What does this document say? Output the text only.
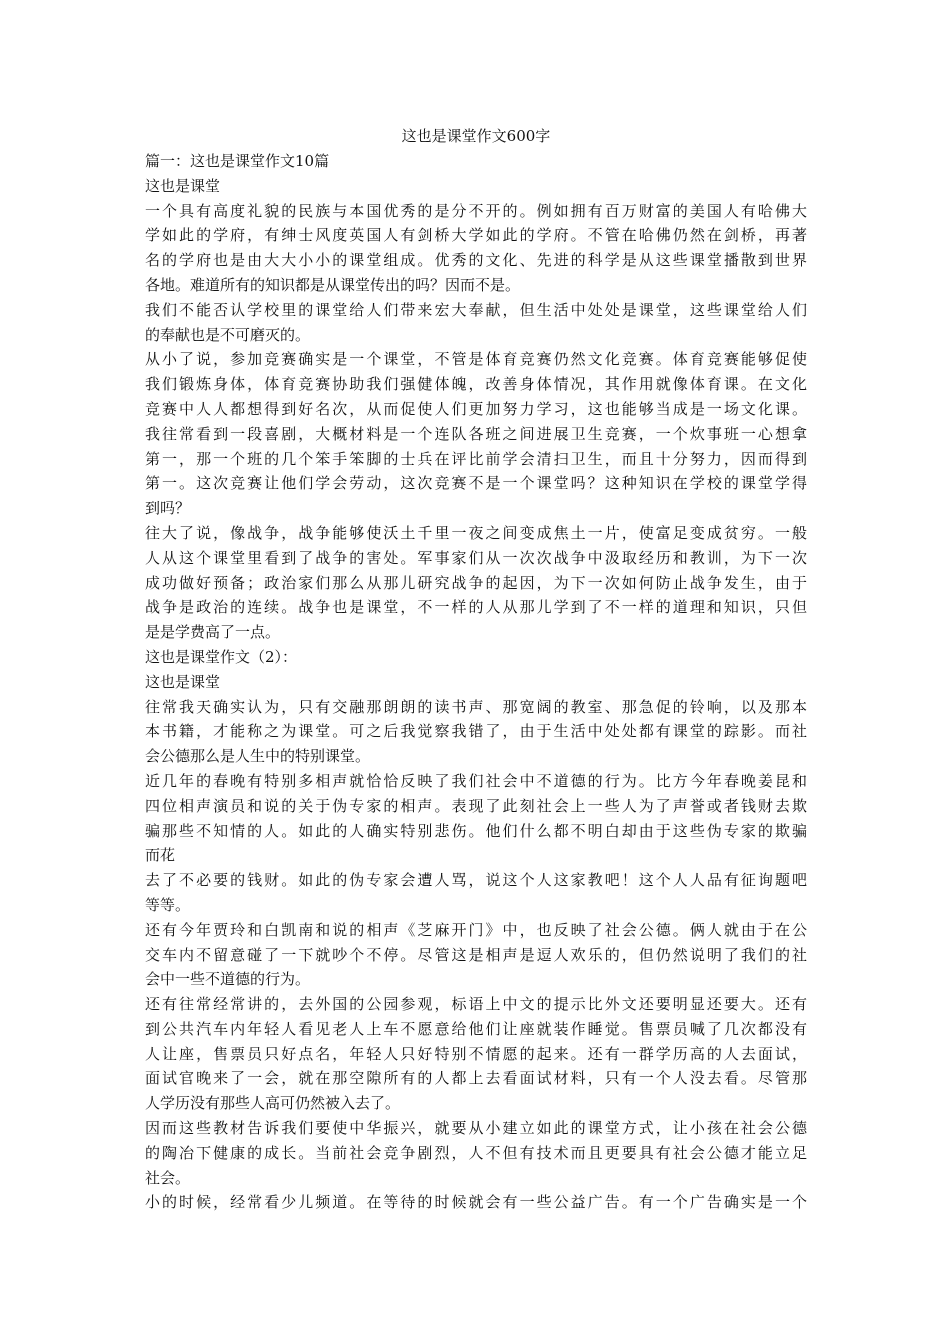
这也是课堂作文600字
篇一：这也是课堂作文10篇
这也是课堂
一个具有高度礼貌的民族与本国优秀的是分不开的。例如拥有百万财富的美国人有哈佛大
学如此的学府，有绅士风度英国人有剑桥大学如此的学府。不管在哈佛仍然在剑桥，再著
名的学府也是由大大小小的课堂组成。优秀的文化、先进的科学是从这些课堂播散到世界
各地。难道所有的知识都是从课堂传出的吗？因而不是。
我们不能否认学校里的课堂给人们带来宏大奉献，但生活中处处是课堂，这些课堂给人们
的奉献也是不可磨灭的。
从小了说，参加竞赛确实是一个课堂，不管是体育竞赛仍然文化竞赛。体育竞赛能够促使
我们锻炼身体，体育竞赛协助我们强健体魄，改善身体情况，其作用就像体育课。在文化
竞赛中人人都想得到好名次，从而促使人们更加努力学习，这也能够当成是一场文化课。
我往常看到一段喜剧，大概材料是一个连队各班之间进展卫生竞赛，一个炊事班一心想拿
第一，那一个班的几个笨手笨脚的士兵在评比前学会清扫卫生，而且十分努力，因而得到
第一。这次竞赛让他们学会劳动，这次竞赛不是一个课堂吗？这种知识在学校的课堂学得
到吗？
往大了说，像战争，战争能够使沃土千里一夜之间变成焦土一片，使富足变成贫穷。一般
人从这个课堂里看到了战争的害处。军事家们从一次次战争中汲取经历和教训，为下一次
成功做好预备；政治家们那么从那儿研究战争的起因，为下一次如何防止战争发生，由于
战争是政治的连续。战争也是课堂，不一样的人从那儿学到了不一样的道理和知识，只但
是是学费高了一点。
这也是课堂作文（2）：
这也是课堂
往常我天确实认为，只有交融那朗朗的读书声、那宽阔的教室、那急促的铃响，以及那本
本书籍，才能称之为课堂。可之后我觉察我错了，由于生活中处处都有课堂的踪影。而社
会公德那么是人生中的特别课堂。
近几年的春晚有特别多相声就恰恰反映了我们社会中不道德的行为。比方今年春晚姜昆和
四位相声演员和说的关于伪专家的相声。表现了此刻社会上一些人为了声誉或者钱财去欺
骗那些不知情的人。如此的人确实特别悲伤。他们什么都不明白却由于这些伪专家的欺骗
而花
去了不必要的钱财。如此的伪专家会遭人骂，说这个人这家教吧！这个人人品有征询题吧
等等。
还有今年贾玲和白凯南和说的相声《芝麻开门》中，也反映了社会公德。俩人就由于在公
交车内不留意碰了一下就吵个不停。尽管这是相声是逗人欢乐的，但仍然说明了我们的社
会中一些不道德的行为。
还有往常经常讲的，去外国的公园参观，标语上中文的提示比外文还要明显还要大。还有
到公共汽车内年轻人看见老人上车不愿意给他们让座就装作睡觉。售票员喊了几次都没有
人让座，售票员只好点名，年轻人只好特别不情愿的起来。还有一群学历高的人去面试，
面试官晚来了一会，就在那空隙所有的人都上去看面试材料，只有一个人没去看。尽管那
人学历没有那些人高可仍然被入去了。
因而这些教材告诉我们要使中华振兴，就要从小建立如此的课堂方式，让小孩在社会公德
的陶冶下健康的成长。当前社会竞争剧烈，人不但有技术而且更要具有社会公德才能立足
社会。
小的时候，经常看少儿频道。在等待的时候就会有一些公益广告。有一个广告确实是一个
